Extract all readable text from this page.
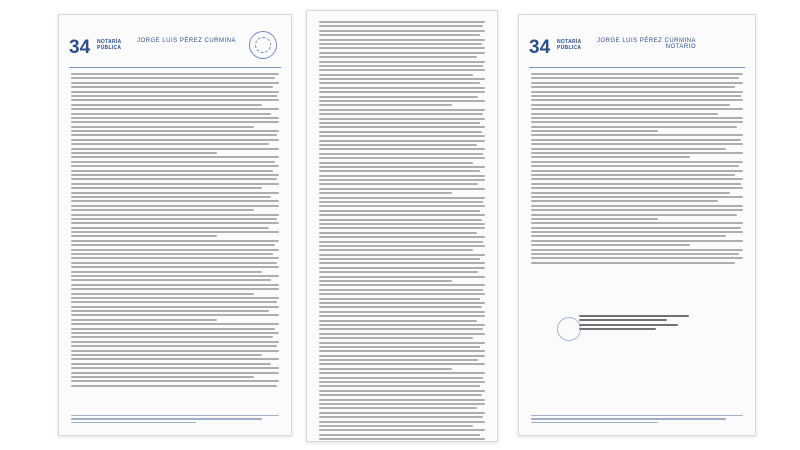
34 NOTARÍA
PÚBLICA
JORGE LUIS PÉREZ CURMINA	34 NOTARÍA
PÚBLICA
JORGE LUIS PÉREZ CURMINA
NOTARIO
